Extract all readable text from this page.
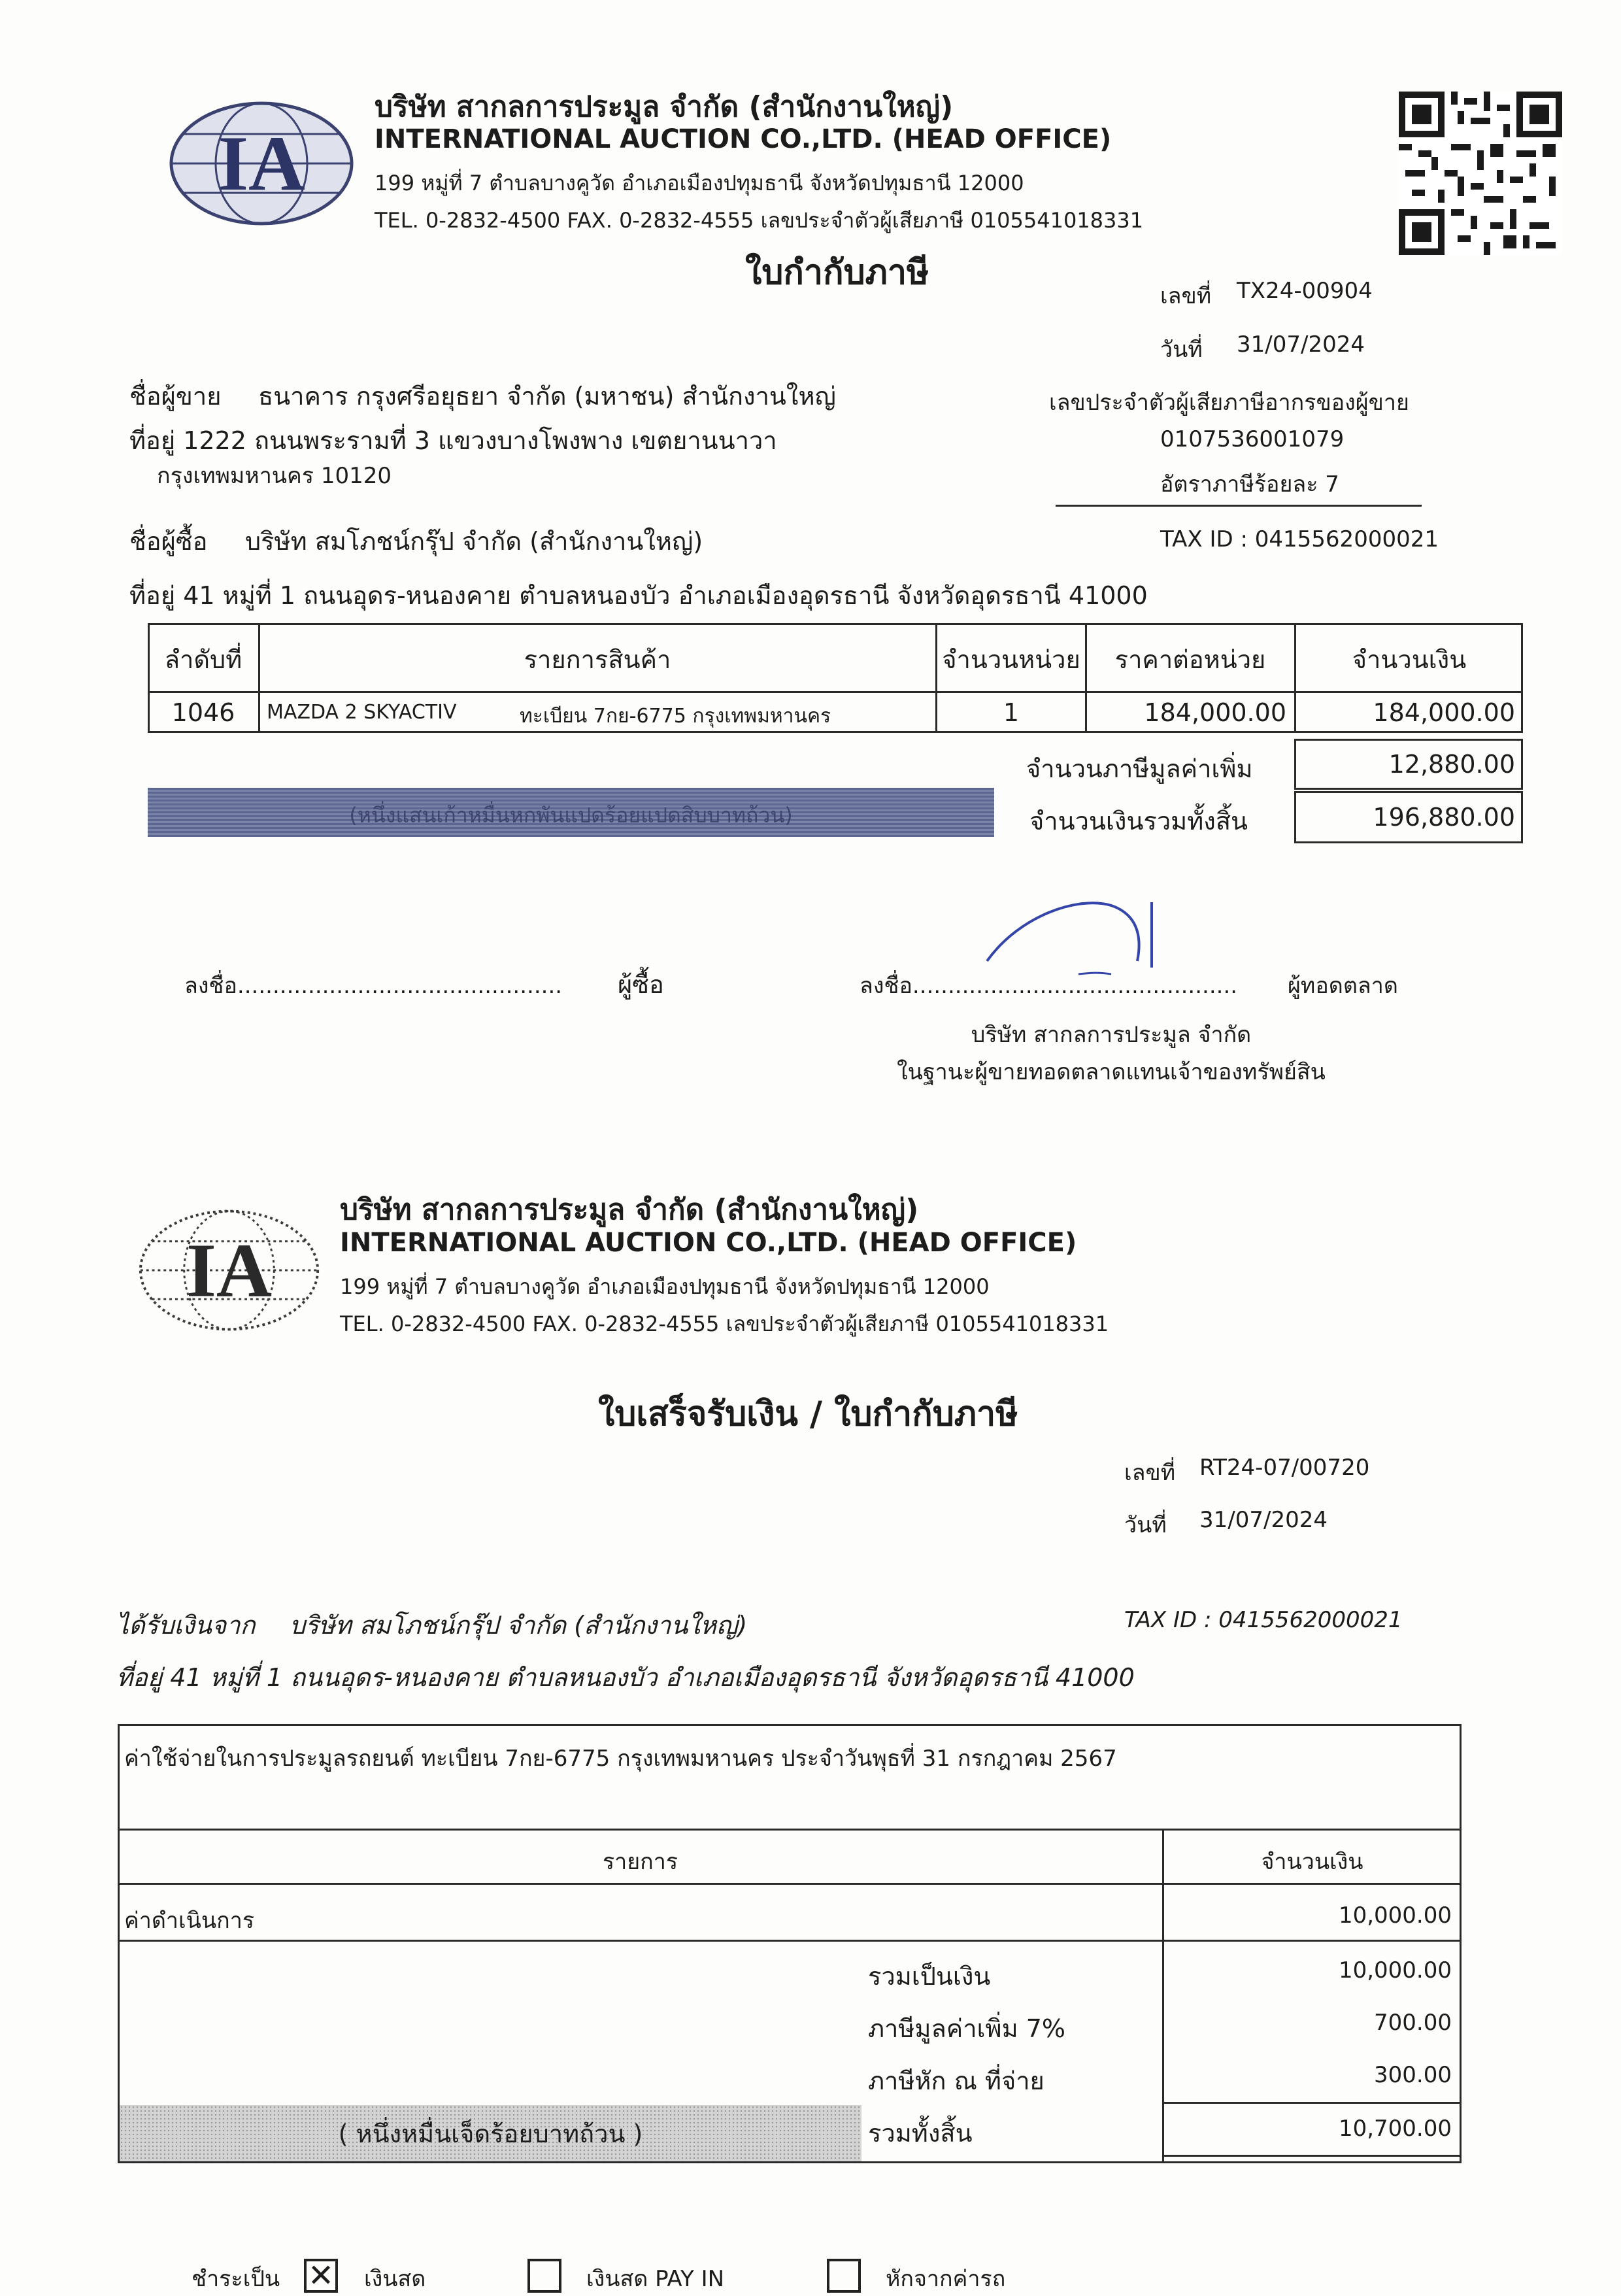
IA
บริษัท สากลการประมูล จำกัด (สำนักงานใหญ่)
INTERNATIONAL AUCTION CO.,LTD. (HEAD OFFICE)
199 หมู่ที่ 7 ตำบลบางคูวัด อำเภอเมืองปทุมธานี จังหวัดปทุมธานี 12000
TEL. 0-2832-4500 FAX. 0-2832-4555 เลขประจำตัวผู้เสียภาษี 0105541018331
ใบกำกับภาษี
เลขที่ TX24-00904
วันที่ 31/07/2024
ชื่อผู้ขาย ธนาคาร กรุงศรีอยุธยา จำกัด (มหาชน) สำนักงานใหญ่
ที่อยู่ 1222 ถนนพระรามที่ 3 แขวงบางโพงพาง เขตยานนาวา
กรุงเทพมหานคร 10120
เลขประจำตัวผู้เสียภาษีอากรของผู้ขาย
0107536001079
อัตราภาษีร้อยละ 7
ชื่อผู้ซื้อ บริษัท สมโภชน์กรุ๊ป จำกัด (สำนักงานใหญ่)	TAX ID : 0415562000021
ที่อยู่ 41 หมู่ที่ 1 ถนนอุดร-หนองคาย ตำบลหนองบัว อำเภอเมืองอุดรธานี จังหวัดอุดรธานี 41000
ลำดับที่	รายการสินค้า	จำนวนหน่วย	ราคาต่อหน่วย	จำนวนเงิน
1046	MAZDA 2 SKYACTIV	ทะเบียน 7กย-6775 กรุงเทพมหานคร	1	184,000.00	184,000.00
จำนวนภาษีมูลค่าเพิ่ม	12,880.00
(หนึ่งแสนเก้าหมื่นหกพันแปดร้อยแปดสิบบาทถ้วน)	จำนวนเงินรวมทั้งสิ้น	196,880.00
ลงชื่อ.............................................. ผู้ซื้อ	ลงชื่อ.............................................. ผู้ทอดตลาด
บริษัท สากลการประมูล จำกัด
ในฐานะผู้ขายทอดตลาดแทนเจ้าของทรัพย์สิน
IA
บริษัท สากลการประมูล จำกัด (สำนักงานใหญ่)
INTERNATIONAL AUCTION CO.,LTD. (HEAD OFFICE)
199 หมู่ที่ 7 ตำบลบางคูวัด อำเภอเมืองปทุมธานี จังหวัดปทุมธานี 12000
TEL. 0-2832-4500 FAX. 0-2832-4555 เลขประจำตัวผู้เสียภาษี 0105541018331
ใบเสร็จรับเงิน / ใบกำกับภาษี
เลขที่ RT24-07/00720
วันที่ 31/07/2024
ได้รับเงินจาก บริษัท สมโภชน์กรุ๊ป จำกัด (สำนักงานใหญ่)	TAX ID : 0415562000021
ที่อยู่ 41 หมู่ที่ 1 ถนนอุดร-หนองคาย ตำบลหนองบัว อำเภอเมืองอุดรธานี จังหวัดอุดรธานี 41000
ค่าใช้จ่ายในการประมูลรถยนต์ ทะเบียน 7กย-6775 กรุงเทพมหานคร ประจำวันพุธที่ 31 กรกฎาคม 2567
รายการ	จำนวนเงิน
ค่าดำเนินการ	10,000.00
รวมเป็นเงิน	10,000.00
ภาษีมูลค่าเพิ่ม 7%	700.00
ภาษีหัก ณ ที่จ่าย	300.00
( หนึ่งหมื่นเจ็ดร้อยบาทถ้วน )	รวมทั้งสิ้น	10,700.00
ชำระเป็น ✕ เงินสด	เงินสด PAY IN	หักจากค่ารถ
